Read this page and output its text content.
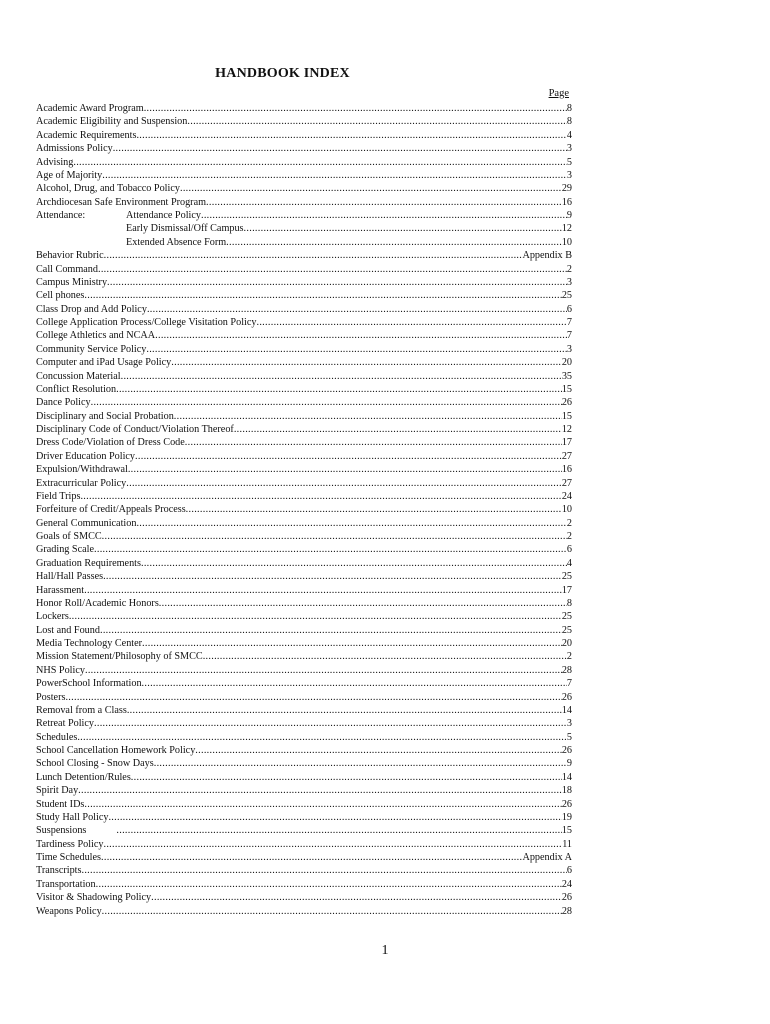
HANDBOOK INDEX
Page
Academic Award Program .....	8
Academic Eligibility and Suspension .....	8
Academic Requirements .....	4
Admissions Policy .....	3
Advising .....	5
Age of Majority .....	3
Alcohol, Drug, and Tobacco Policy .....	29
Archdiocesan Safe Environment Program .....	16
Attendance:	Attendance Policy .....	9
Early Dismissal/Off Campus .....	12
Extended Absence Form .....	10
Behavior Rubric .....	Appendix B
Call Command .....	2
Campus Ministry .....	3
Cell phones .....	25
Class Drop and Add Policy .....	6
College Application Process/College Visitation Policy .....	7
College Athletics and NCAA .....	7
Community Service Policy .....	3
Computer and iPad Usage Policy .....	20
Concussion Material .....	35
Conflict Resolution .....	15
Dance Policy .....	26
Disciplinary and Social Probation .....	15
Disciplinary Code of Conduct/Violation Thereof .....	12
Dress Code/Violation of Dress Code .....	17
Driver Education Policy .....	27
Expulsion/Withdrawal .....	16
Extracurricular Policy .....	27
Field Trips .....	24
Forfeiture of Credit/Appeals Process .....	10
General Communication .....	2
Goals of SMCC .....	2
Grading Scale .....	6
Graduation Requirements .....	4
Hall/Hall Passes .....	25
Harassment .....	17
Honor Roll/Academic Honors .....	8
Lockers .....	25
Lost and Found .....	25
Media Technology Center .....	20
Mission Statement/Philosophy of SMCC .....	2
NHS Policy .....	28
PowerSchool Information .....	7
Posters .....	26
Removal from a Class .....	14
Retreat Policy .....	3
Schedules .....	5
School Cancellation Homework Policy .....	26
School Closing - Snow Days .....	9
Lunch Detention/Rules .....	14
Spirit Day .....	18
Student IDs .....	26
Study Hall Policy .....	19
Suspensions .....	15
Tardiness Policy .....	11
Time Schedules .....	Appendix A
Transcripts .....	6
Transportation .....	24
Visitor & Shadowing Policy .....	26
Weapons Policy .....	28
1
